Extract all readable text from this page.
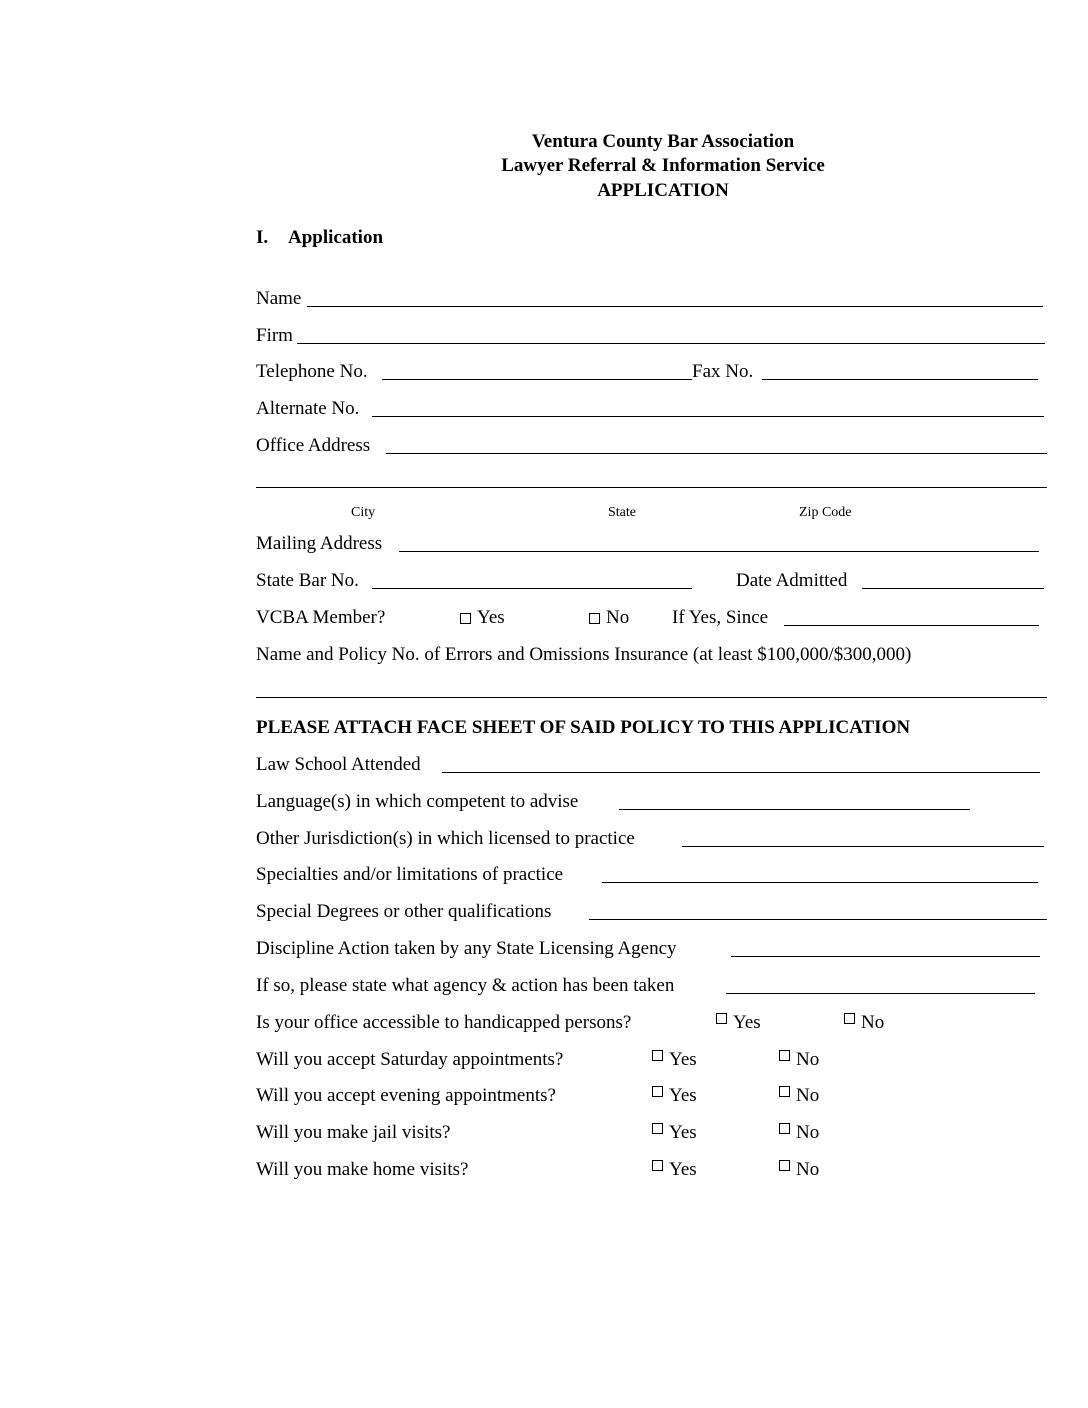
Ventura County Bar Association
Lawyer Referral & Information Service
APPLICATION
I. Application
Name
Firm
Telephone No.	Fax No.
Alternate No.
Office Address
City	State	Zip Code
Mailing Address
State Bar No.	Date Admitted
VCBA Member?	Yes	No If Yes, Since
Name and Policy No. of Errors and Omissions Insurance (at least $100,000/$300,000)
PLEASE ATTACH FACE SHEET OF SAID POLICY TO THIS APPLICATION
Law School Attended
Language(s) in which competent to advise
Other Jurisdiction(s) in which licensed to practice
Specialties and/or limitations of practice
Special Degrees or other qualifications
Discipline Action taken by any State Licensing Agency
If so, please state what agency & action has been taken
Is your office accessible to handicapped persons?	Yes	No
Will you accept Saturday appointments?	Yes	No
Will you accept evening appointments?	Yes	No
Will you make jail visits?	Yes	No
Will you make home visits?	Yes	No
